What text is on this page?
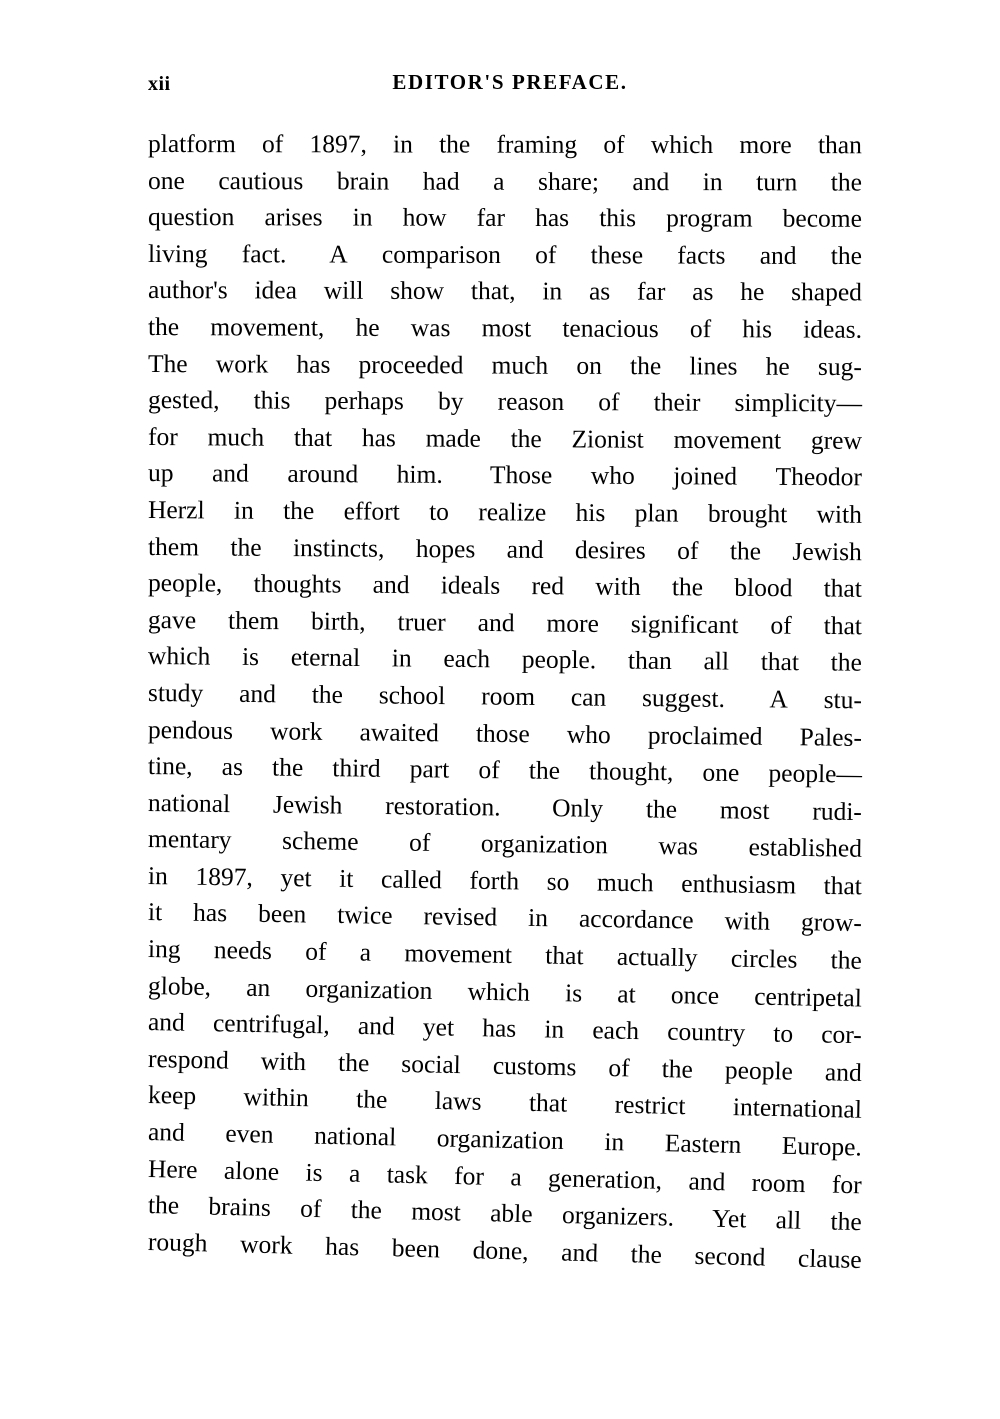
xii	EDITOR'S PREFACE.
platform of 1897, in the framing of which more than
one cautious brain had a share; and in turn the
question arises in how far has this program become
living fact.	A comparison of these facts and the
author's idea will show that, in as far as he shaped
the movement, he was most tenacious of his ideas.
The work has proceeded much on the lines he sug-
gested, this perhaps by reason of their simplicity—
for much that has made the Zionist movement grew
up and around him.	Those who joined Theodor
Herzl in the effort to realize his plan brought with
them the instincts, hopes and desires of the Jewish
people, thoughts and ideals red with the blood that
gave them birth, truer and more significant of that
which is eternal in each people. than all that the
study and the school room can suggest.	A stu-
pendous work awaited those who proclaimed Pales-
tine, as the third part of the thought, one people—
national Jewish restoration.	Only the most rudi-
mentary scheme of organization was established
in 1897, yet it called forth so much enthusiasm that
it has been twice revised in accordance with grow-
ing needs of a movement that actually circles the
globe, an organization which is at once centripetal
and centrifugal, and yet has in each country to cor-
respond with the social customs of the people and
keep within the laws that restrict international
and even national organization in Eastern Europe.
Here alone is a task for a generation, and room for
the brains of the most able organizers.	Yet all the
rough work has been done, and the second clause
